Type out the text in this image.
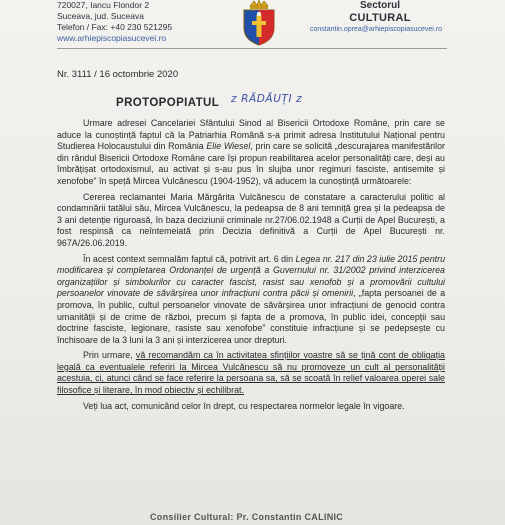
720027, Iancu Flondor 2
Suceava, jud. Suceava
Telefon / Fax: +40 230 521295
www.arhiepiscopiasucevei.ro
Sectorul
CULTURAL
constantin.oprea@arhiepiscopiasucevei.ro
Nr. 3111 / 16 octombrie 2020
PROTOPOPIATUL z RĂDĂUȚI z

Urmare adresei Cancelariei Sfântului Sinod al Bisericii Ortodoxe Române, prin care se aduce la cunoștință faptul că la Patriarhia Română s-a primit adresa Institutului Național pentru Studierea Holocaustului din România Elie Wiesel, prin care se solicită „descurajarea manifestărilor din rândul Bisericii Ortodoxe Române care își propun reabilitarea acelor personalități care, deși au îmbrățișat ortodoxismul, au activat și s-au pus în slujba unor regimuri fasciste, antisemite și xenofobe” în speță Mircea Vulcănescu (1904-1952), vă aducem la cunoștință următoarele:

Cererea reclamantei Maria Mărgărita Vulcănescu de constatare a caracterului politic al condamnării tatălui său, Mircea Vulcănescu, la pedeapsa de 8 ani temniță grea și la pedeapsa de 3 ani detenție riguroasă, în baza deciziunii criminale nr.27/06.02.1948 a Curții de Apel București, a fost respinsă ca neîntemeiată prin Decizia definitivă a Curții de Apel București nr. 967A/26.06.2019.

În acest context semnalăm faptul că, potrivit art. 6 din Legea nr. 217 din 23 iulie 2015 pentru modificarea și completarea Ordonanței de urgență a Guvernului nr. 31/2002 privind interzicerea organizațiilor și simbolurilor cu caracter fascist, rasist sau xenofob și a promovării cultului persoanelor vinovate de săvârșirea unor infracțiuni contra păcii și omenirii, „fapta persoanei de a promova, în public, cultul persoanelor vinovate de săvârșirea unor infracțiuni de genocid contra umanității și de crime de război, precum și fapta de a promova, în public idei, concepții sau doctrine fasciste, legionare, rasiste sau xenofobe” constituie infracțiune și se pedepsește cu închisoare de la 3 luni la 3 ani și interzicerea unor drepturi.

Prin urmare, vă recomandăm ca în activitatea sfințiilor voastre să se țină cont de obligația legală ca eventualele referiri la Mircea Vulcănescu să nu promoveze un cult al personalității acestuia, ci, atunci când se face referire la persoana sa, să se scoată în relief valoarea operei sale filosofice și literare, în mod obiectiv și echilibrat.

Veți lua act, comunicând celor în drept, cu respectarea normelor legale în vigoare.

Consilier Cultural: Pr. Constantin CALINIC
